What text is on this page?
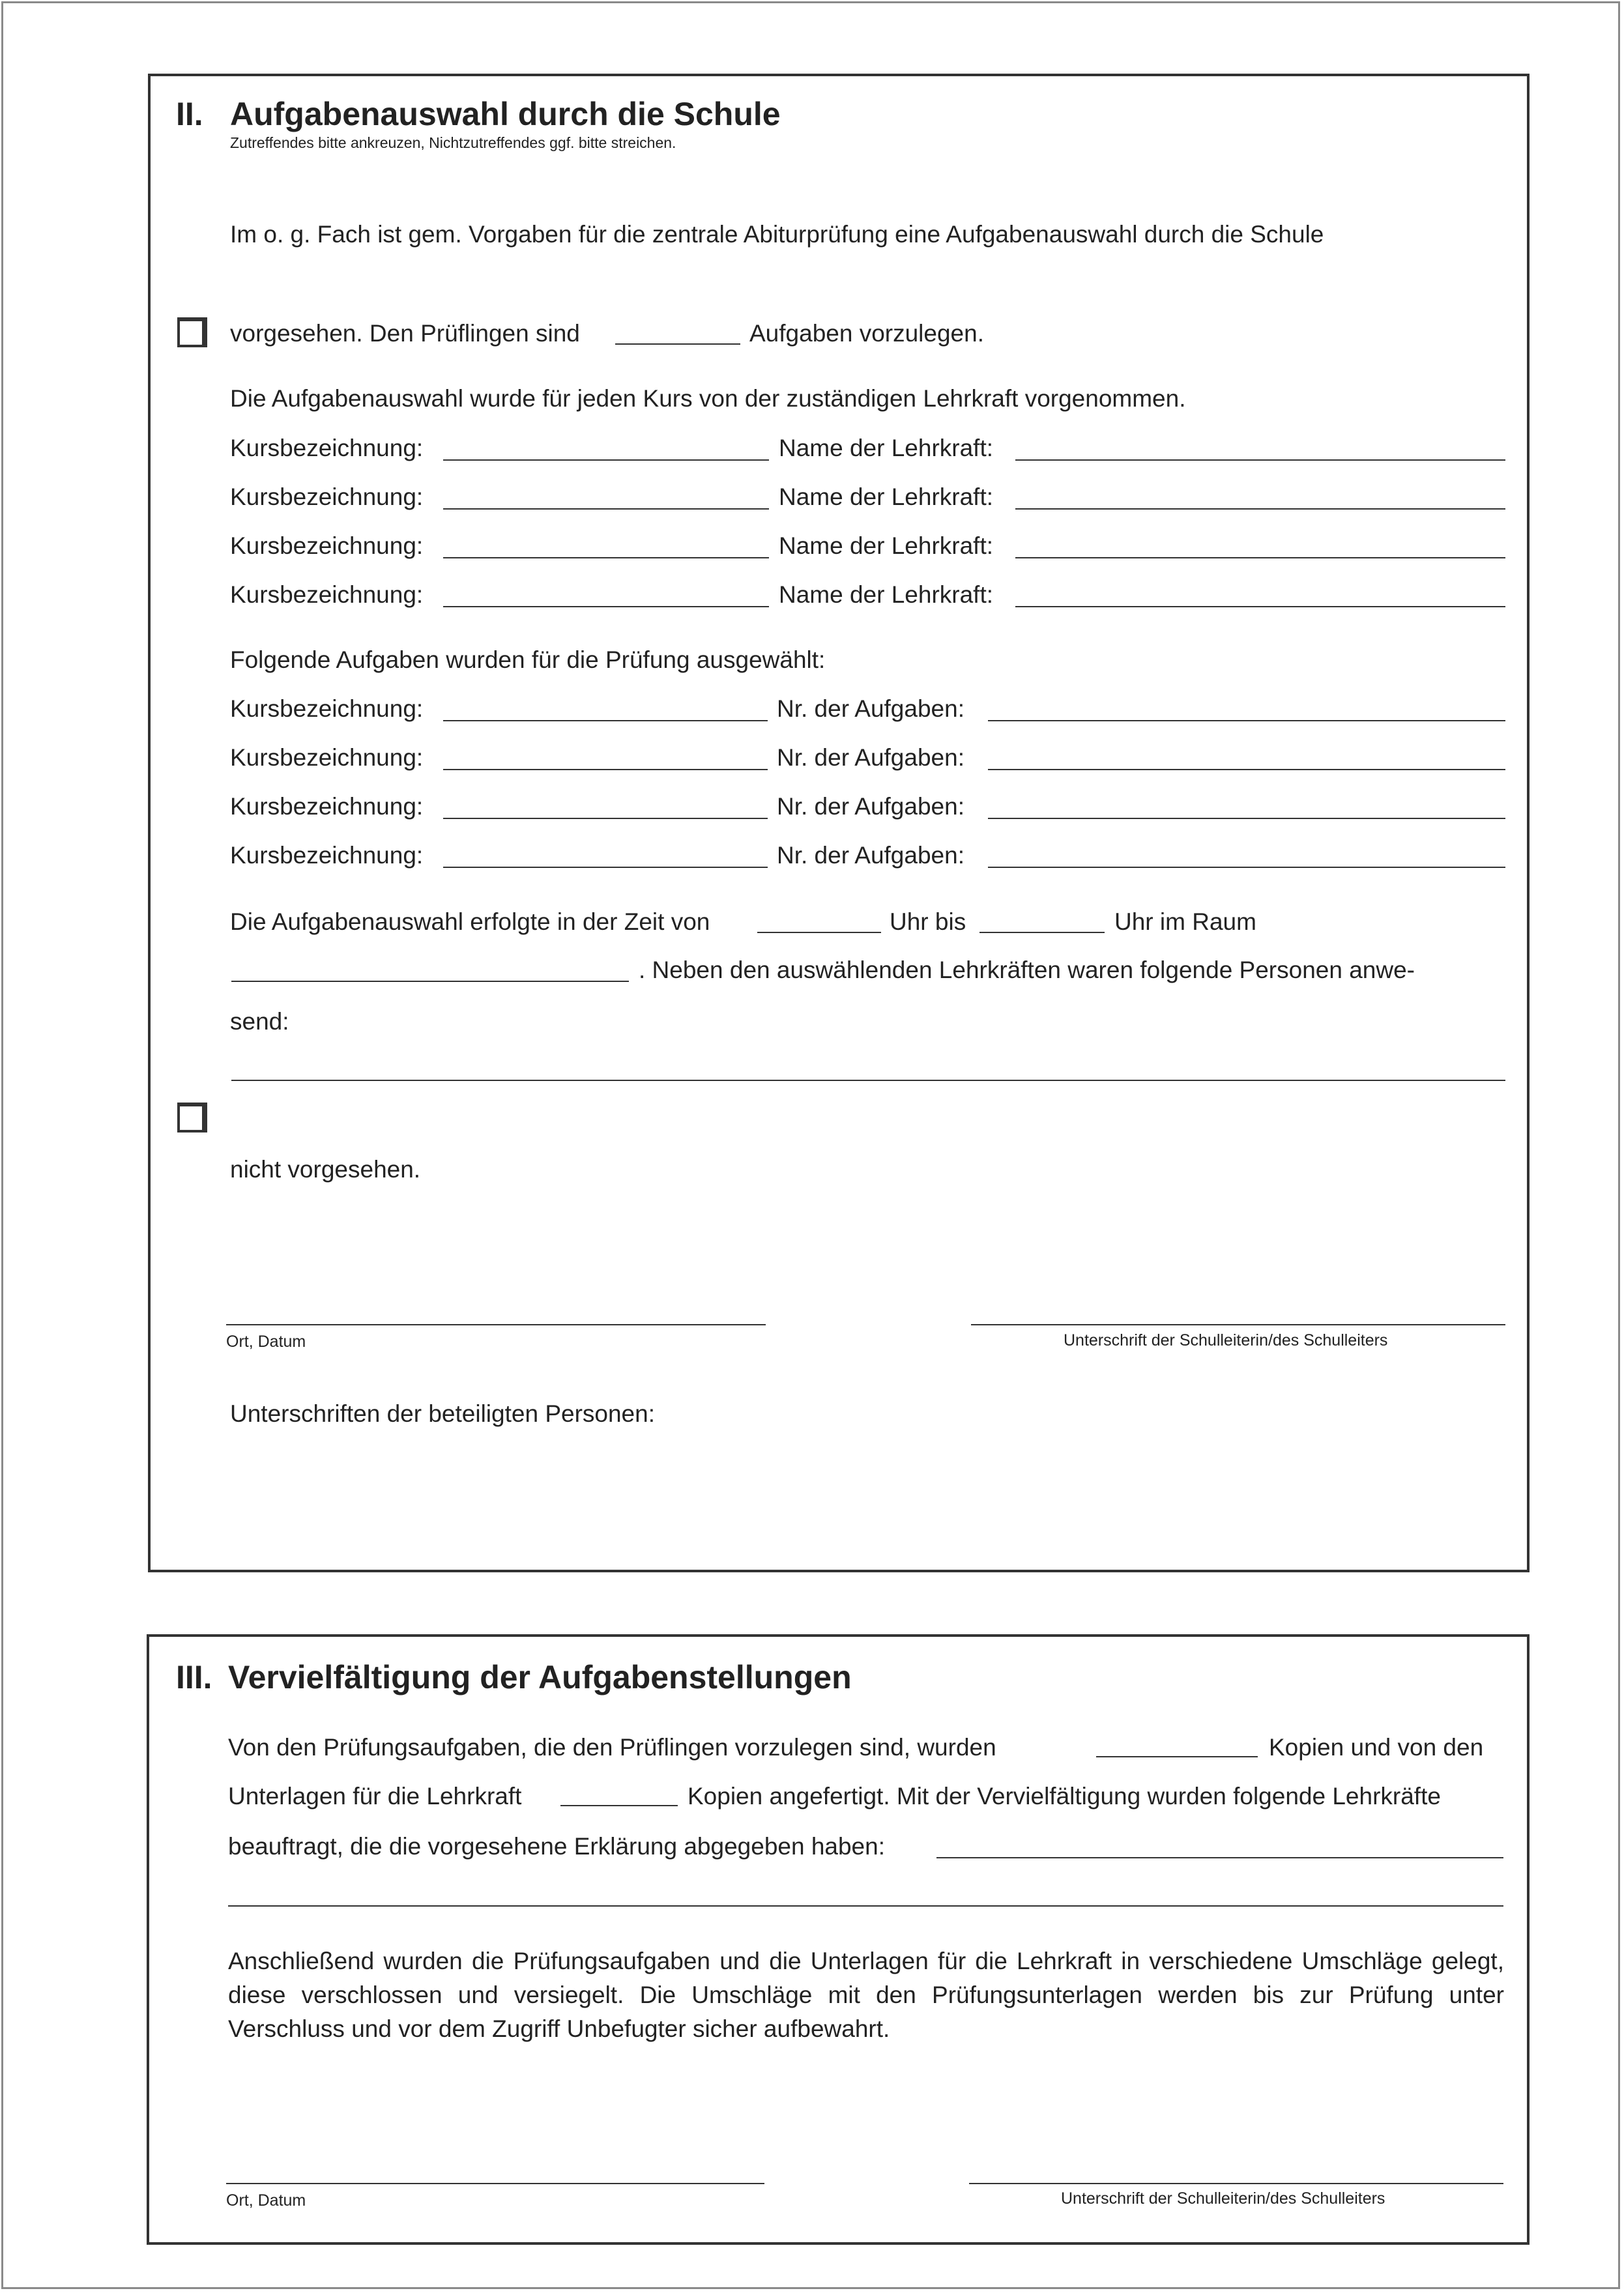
II. Aufgabenauswahl durch die Schule
Zutreffendes bitte ankreuzen, Nichtzutreffendes ggf. bitte streichen.
Im o. g. Fach ist gem. Vorgaben für die zentrale Abiturprüfung eine Aufgabenauswahl durch die Schule
vorgesehen. Den Prüflingen sind	Aufgaben vorzulegen.
Die Aufgabenauswahl wurde für jeden Kurs von der zuständigen Lehrkraft vorgenommen.
Kursbezeichnung:	Name der Lehrkraft:
Kursbezeichnung:	Name der Lehrkraft:
Kursbezeichnung:	Name der Lehrkraft:
Kursbezeichnung:	Name der Lehrkraft:
Folgende Aufgaben wurden für die Prüfung ausgewählt:
Kursbezeichnung:	Nr. der Aufgaben:
Kursbezeichnung:	Nr. der Aufgaben:
Kursbezeichnung:	Nr. der Aufgaben:
Kursbezeichnung:	Nr. der Aufgaben:
Die Aufgabenauswahl erfolgte in der Zeit von	Uhr bis	Uhr im Raum
. Neben den auswählenden Lehrkräften waren folgende Personen anwe-
send:
nicht vorgesehen.
Ort, Datum	Unterschrift der Schulleiterin/des Schulleiters
Unterschriften der beteiligten Personen:
III. Vervielfältigung der Aufgabenstellungen
Von den Prüfungsaufgaben, die den Prüflingen vorzulegen sind, wurden	Kopien und von den
Unterlagen für die Lehrkraft	Kopien angefertigt. Mit der Vervielfältigung wurden folgende Lehrkräfte
beauftragt, die die vorgesehene Erklärung abgegeben haben:
Anschließend wurden die Prüfungsaufgaben und die Unterlagen für die Lehrkraft in verschiedene Umschläge gelegt, diese verschlossen und versiegelt. Die Umschläge mit den Prüfungsunterlagen werden bis zur Prüfung unter Verschluss und vor dem Zugriff Unbefugter sicher aufbewahrt.
Ort, Datum	Unterschrift der Schulleiterin/des Schulleiters
